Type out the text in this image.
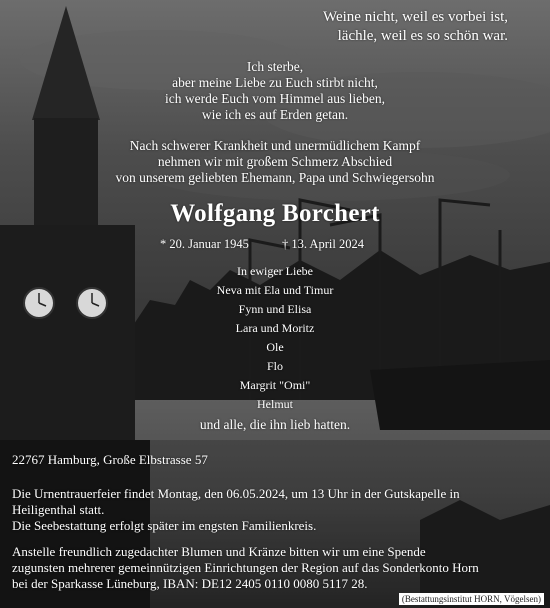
Weine nicht, weil es vorbei ist,
lächle, weil es so schön war.
Ich sterbe,
aber meine Liebe zu Euch stirbt nicht,
ich werde Euch vom Himmel aus lieben,
wie ich es auf Erden getan.
Nach schwerer Krankheit und unermüdlichem Kampf
nehmen wir mit großem Schmerz Abschied
von unserem geliebten Ehemann, Papa und Schwiegersohn
Wolfgang Borchert
* 20. Januar 1945	† 13. April 2024
In ewiger Liebe
Neva mit Ela und Timur
Fynn und Elisa
Lara und Moritz
Ole
Flo
Margrit "Omi"
Helmut
und alle, die ihn lieb hatten.
22767 Hamburg, Große Elbstrasse 57
Die Urnentrauerfeier findet Montag, den 06.05.2024, um 13 Uhr in der Gutskapelle in
Heiligenthal statt.
Die Seebestattung erfolgt später im engsten Familienkreis.
Anstelle freundlich zugedachter Blumen und Kränze bitten wir um eine Spende
zugunsten mehrerer gemeinnützigen Einrichtungen der Region auf das Sonderkonto Horn
bei der Sparkasse Lüneburg, IBAN: DE12 2405 0110 0080 5117 28.
(Bestattungsinstitut HORN, Vögelsen)
